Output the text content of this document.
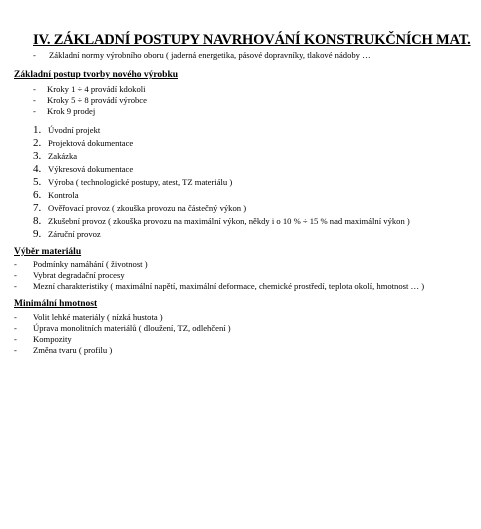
IV. ZÁKLADNÍ POSTUPY NAVRHOVÁNÍ KONSTRUKČNÍCH MAT.
-	Základní normy výrobního oboru ( jaderná energetika, pásové dopravníky, tlakové nádoby …
Základní postup tvorby nového výrobku
-	Kroky 1 ÷ 4 provádí kdokoli
-	Kroky 5 ÷ 8 provádí výrobce
-	Krok 9 prodej
1. Úvodní projekt
2. Projektová dokumentace
3. Zakázka
4. Výkresová dokumentace
5. Výroba ( technologické postupy, atest, TZ materiálu )
6. Kontrola
7. Ověřovací provoz ( zkouška provozu na částečný výkon )
8. Zkušební provoz ( zkouška provozu na maximální výkon, někdy i o 10 % ÷ 15 % nad maximální výkon )
9. Záruční provoz
Výběr materiálu
-	Podmínky namáhání ( životnost )
-	Vybrat degradační procesy
-	Mezní charakteristiky ( maximální napětí, maximální deformace, chemické prostředí, teplota okolí, hmotnost … )
Minimální hmotnost
-	Volit lehké materiály ( nízká hustota )
-	Úprava monolitních materiálů ( dloužení, TZ, odlehčení )
-	Kompozity
-	Změna tvaru ( profilu )
